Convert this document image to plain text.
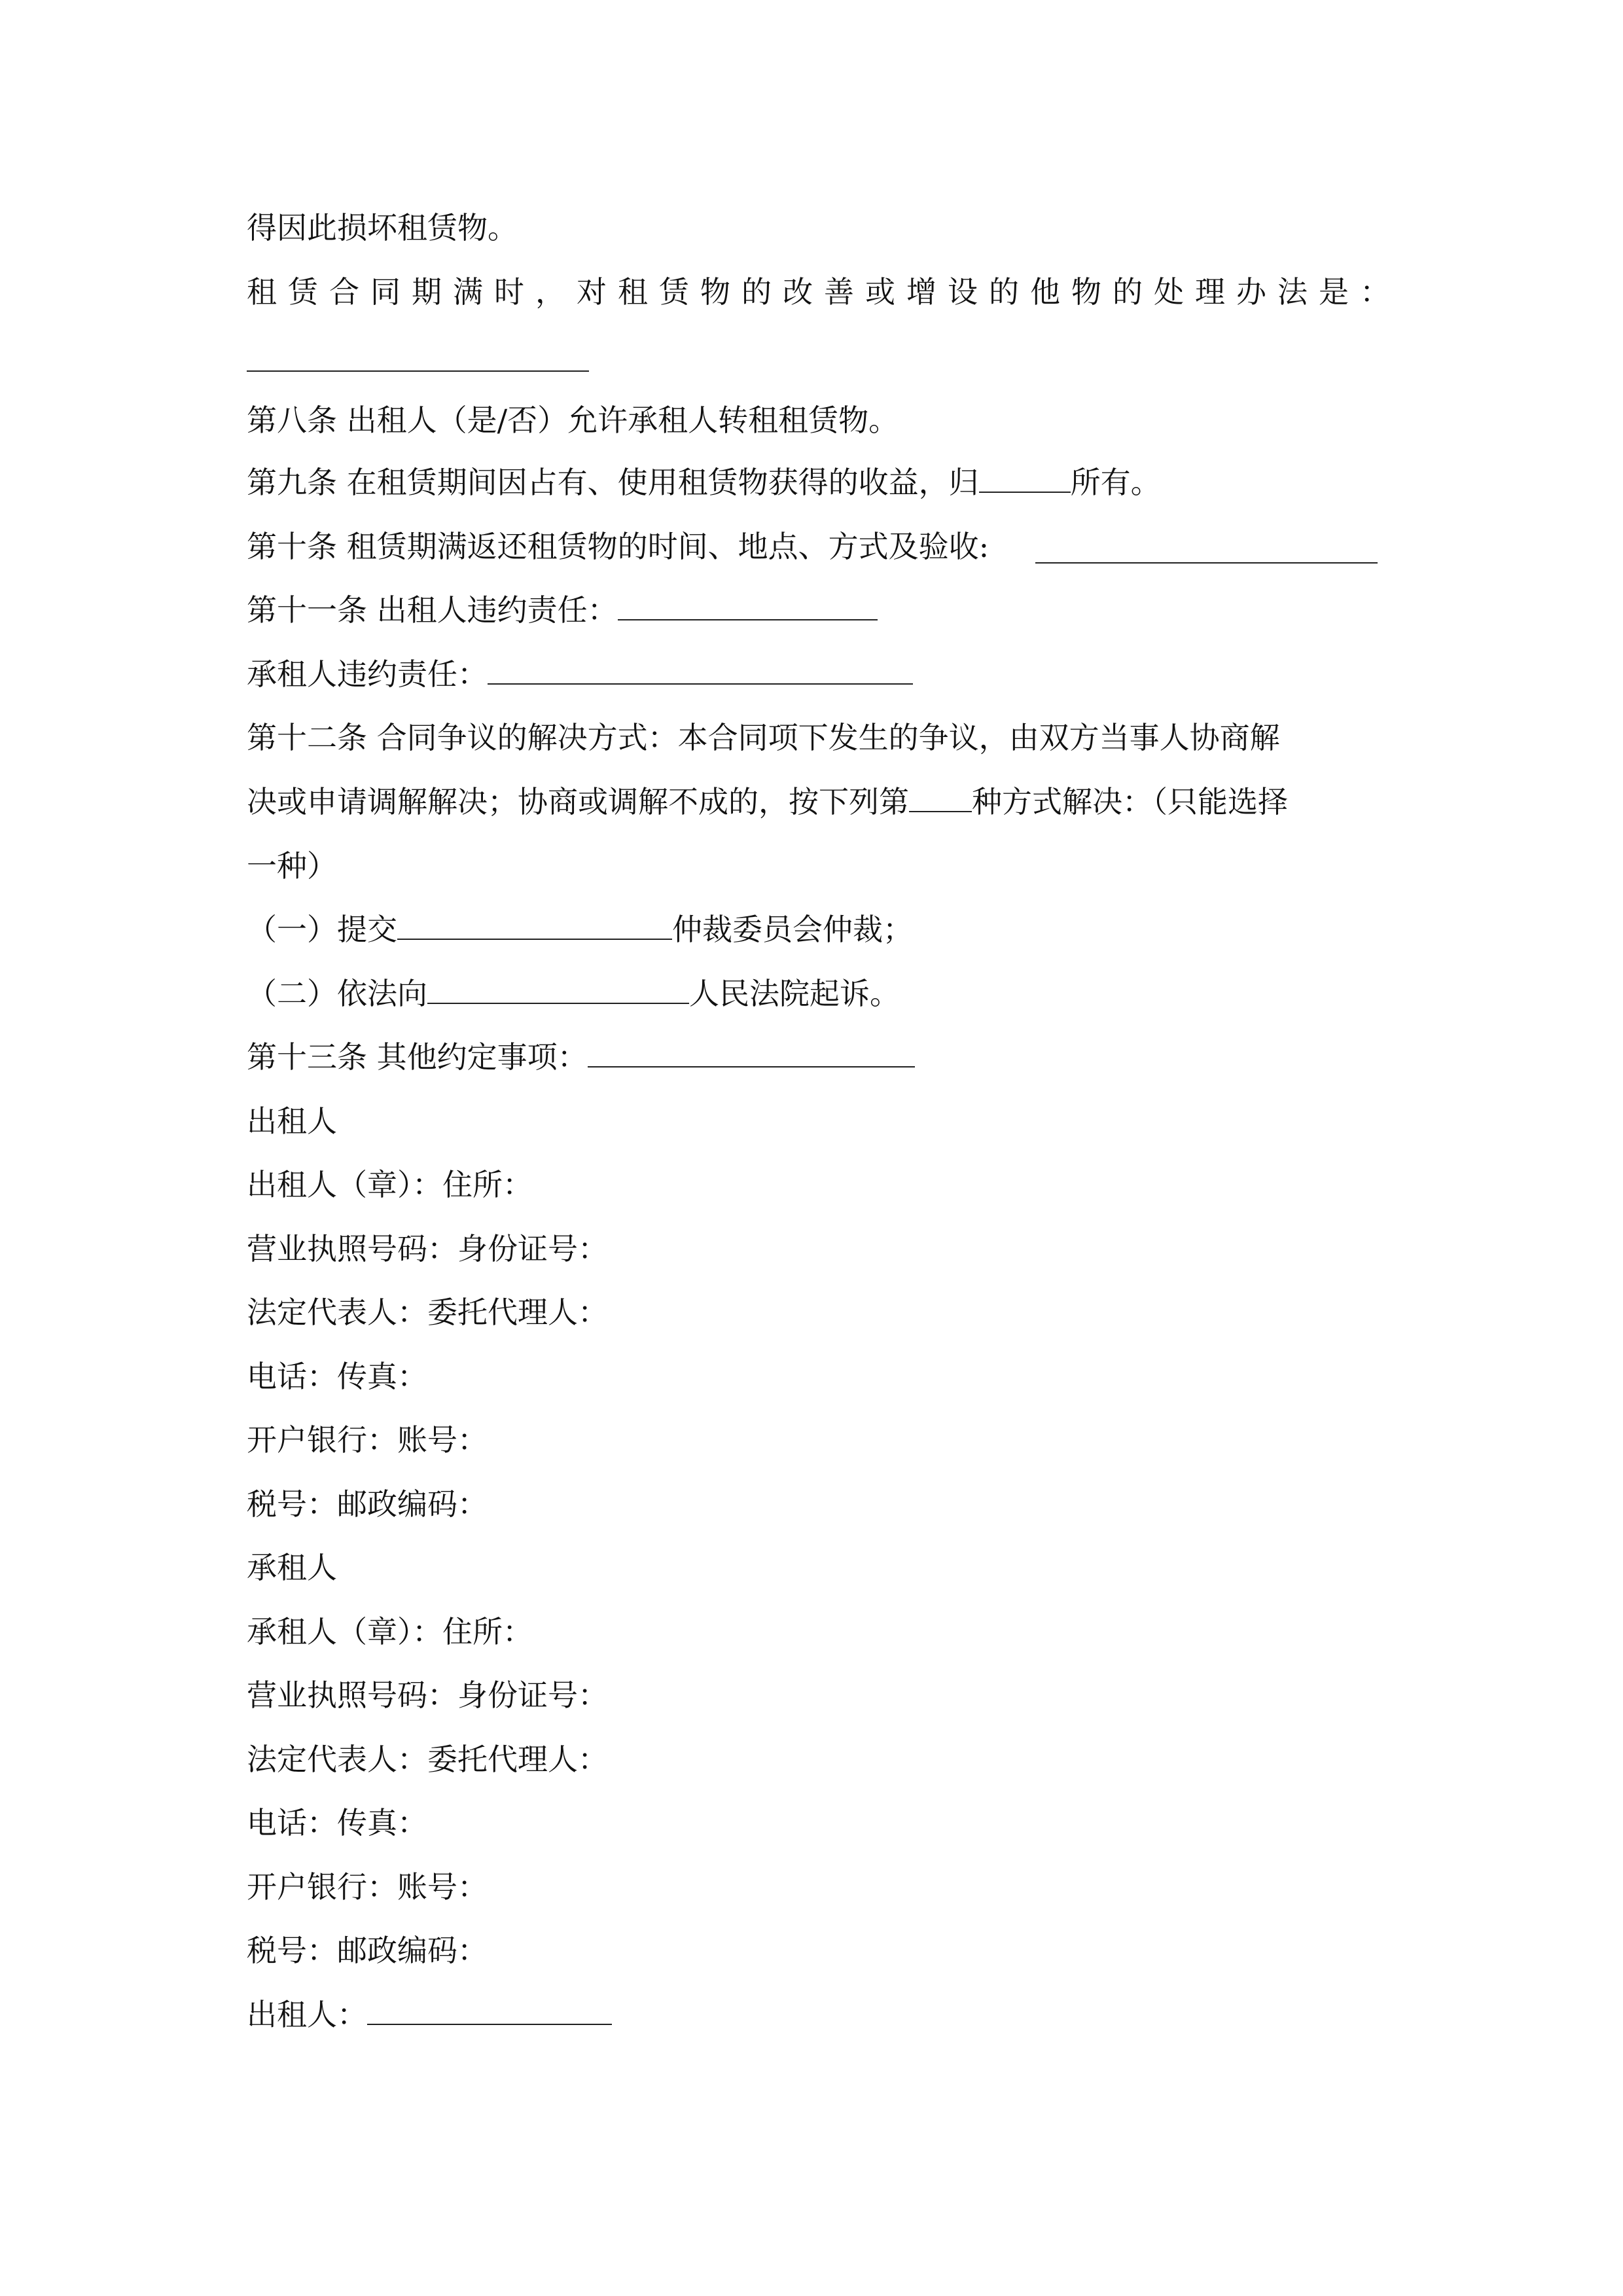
得因此损坏租赁物。
租赁合同期满时，对租赁物的改善或增设的他物的处理办法是：
第八条 出租人（是/否）允许承租人转租租赁物。
第九条 在租赁期间因占有、使用租赁物获得的收益，归	所有。
第十条 租赁期满返还租赁物的时间、地点、方式及验收:
第十一条 出租人违约责任：
承租人违约责任：
第十二条 合同争议的解决方式：本合同项下发生的争议，由双方当事人协商解
决或申请调解解决；协商或调解不成的，按下列第 种方式解决：（只能选择
一种）
（一）提交	仲裁委员会仲裁；
（二）依法向	人民法院起诉。
第十三条 其他约定事项：
出租人
出租人（章）：住所：
营业执照号码：身份证号：
法定代表人：委托代理人：
电话：传真：
开户银行：账号：
税号：邮政编码：
承租人
承租人（章）：住所：
营业执照号码：身份证号：
法定代表人：委托代理人：
电话：传真：
开户银行：账号：
税号：邮政编码：
出租人：
